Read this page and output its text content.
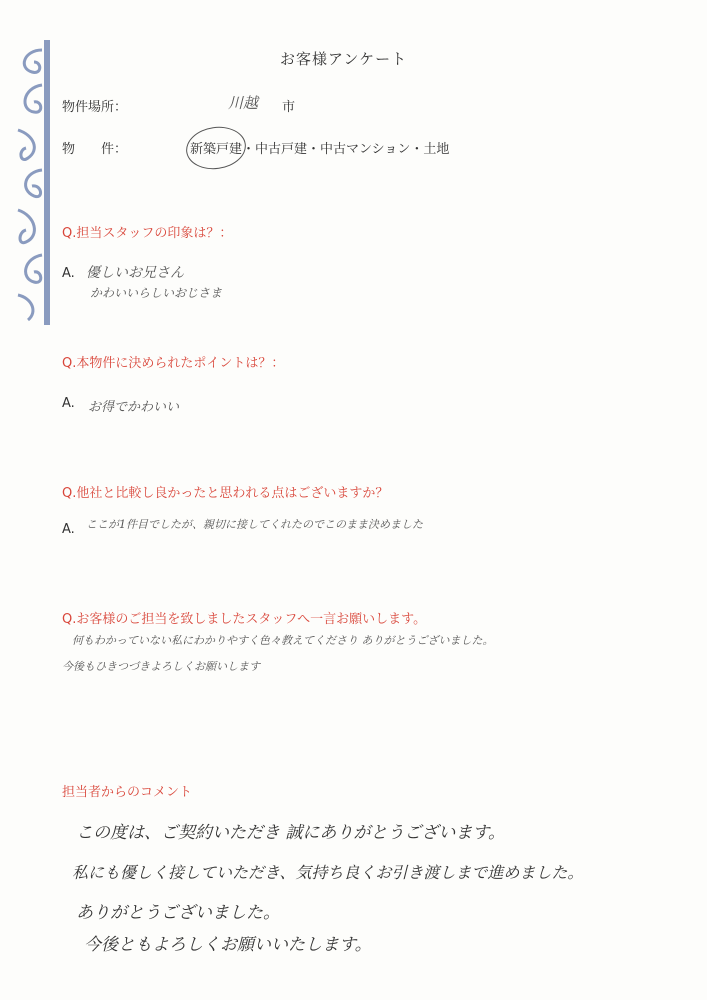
お客様アンケート
物件場所：	川越 市
物　　件：	新築戸建・中古戸建・中古マンション・土地
Q.担当スタッフの印象は？：
A. 優しいお兄さん
かわいいらしいおじさま
Q.本物件に決められたポイントは？：
A. お得でかわいい
Q.他社と比較し良かったと思われる点はございますか？
A. ここが1件目でしたが、親切に接してくれたのでこのまま決めました
Q.お客様のご担当を致しましたスタッフへ一言お願いします。
何もわかっていない私にわかりやすく色々教えてくださり ありがとうございました。
今後もひきつづきよろしくお願いします
担当者からのコメント
この度は、ご契約いただき 誠にありがとうございます。
私にも優しく接していただき、気持ち良くお引き渡しまで進めました。
ありがとうございました。
今後ともよろしくお願いいたします。
